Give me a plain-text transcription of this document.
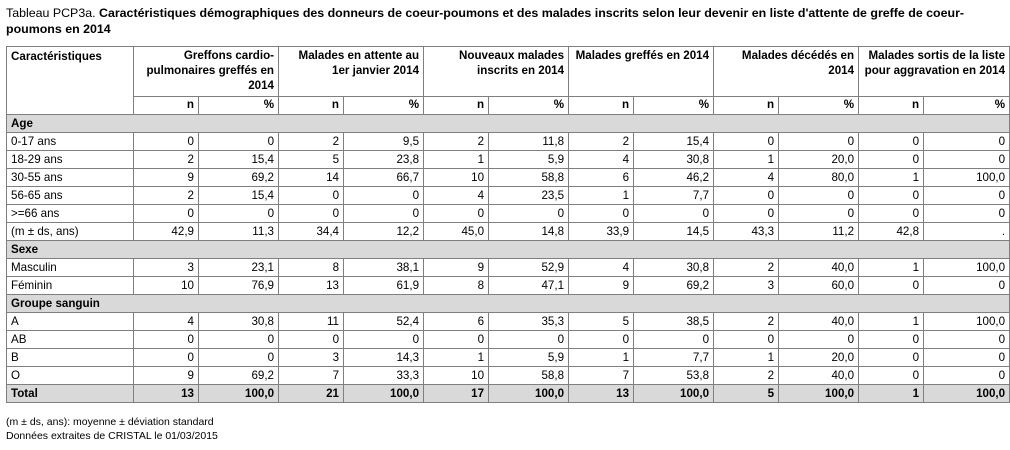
Tableau PCP3a. Caractéristiques démographiques des donneurs de coeur-poumons et des malades inscrits selon leur devenir en liste d'attente de greffe de coeur-poumons en 2014
Caractéristiques	Greffons cardio-pulmonaires greffés en 2014		Malades en attente au 1er janvier 2014		Nouveaux malades inscrits en 2014		Malades greffés en 2014		Malades décédés en 2014		Malades sortis de la liste pour aggravation en 2014	
	n	%	n	%	n	%	n	%	n	%	n	%
Age												
0-17 ans	0	0	2	9,5	2	11,8	2	15,4	0	0	0	0
18-29 ans	2	15,4	5	23,8	1	5,9	4	30,8	1	20,0	0	0
30-55 ans	9	69,2	14	66,7	10	58,8	6	46,2	4	80,0	1	100,0
56-65 ans	2	15,4	0	0	4	23,5	1	7,7	0	0	0	0
>=66 ans	0	0	0	0	0	0	0	0	0	0	0	0
(m ± ds, ans)	42,9	11,3	34,4	12,2	45,0	14,8	33,9	14,5	43,3	11,2	42,8	.
Sexe												
Masculin	3	23,1	8	38,1	9	52,9	4	30,8	2	40,0	1	100,0
Féminin	10	76,9	13	61,9	8	47,1	9	69,2	3	60,0	0	0
Groupe sanguin												
A	4	30,8	11	52,4	6	35,3	5	38,5	2	40,0	1	100,0
AB	0	0	0	0	0	0	0	0	0	0	0	0
B	0	0	3	14,3	1	5,9	1	7,7	1	20,0	0	0
O	9	69,2	7	33,3	10	58,8	7	53,8	2	40,0	0	0
Total	13	100,0	21	100,0	17	100,0	13	100,0	5	100,0	1	100,0
(m ± ds, ans): moyenne ± déviation standard
Données extraites de CRISTAL le 01/03/2015
